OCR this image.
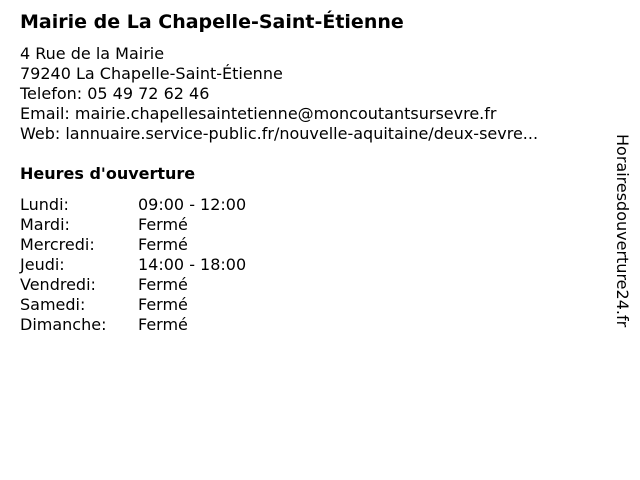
Mairie de La Chapelle-Saint-Étienne
4 Rue de la Mairie
79240 La Chapelle-Saint-Étienne
Telefon: 05 49 72 62 46
Email: mairie.chapellesaintetienne@moncoutantsursevre.fr
Web: lannuaire.service-public.fr/nouvelle-aquitaine/deux-sevre...
Heures d'ouverture
Lundi:	09:00 - 12:00
Mardi:	Fermé
Mercredi:	Fermé
Jeudi:	14:00 - 18:00
Vendredi:	Fermé
Samedi:	Fermé
Dimanche: Fermé	Horairesdouverture24.fr
